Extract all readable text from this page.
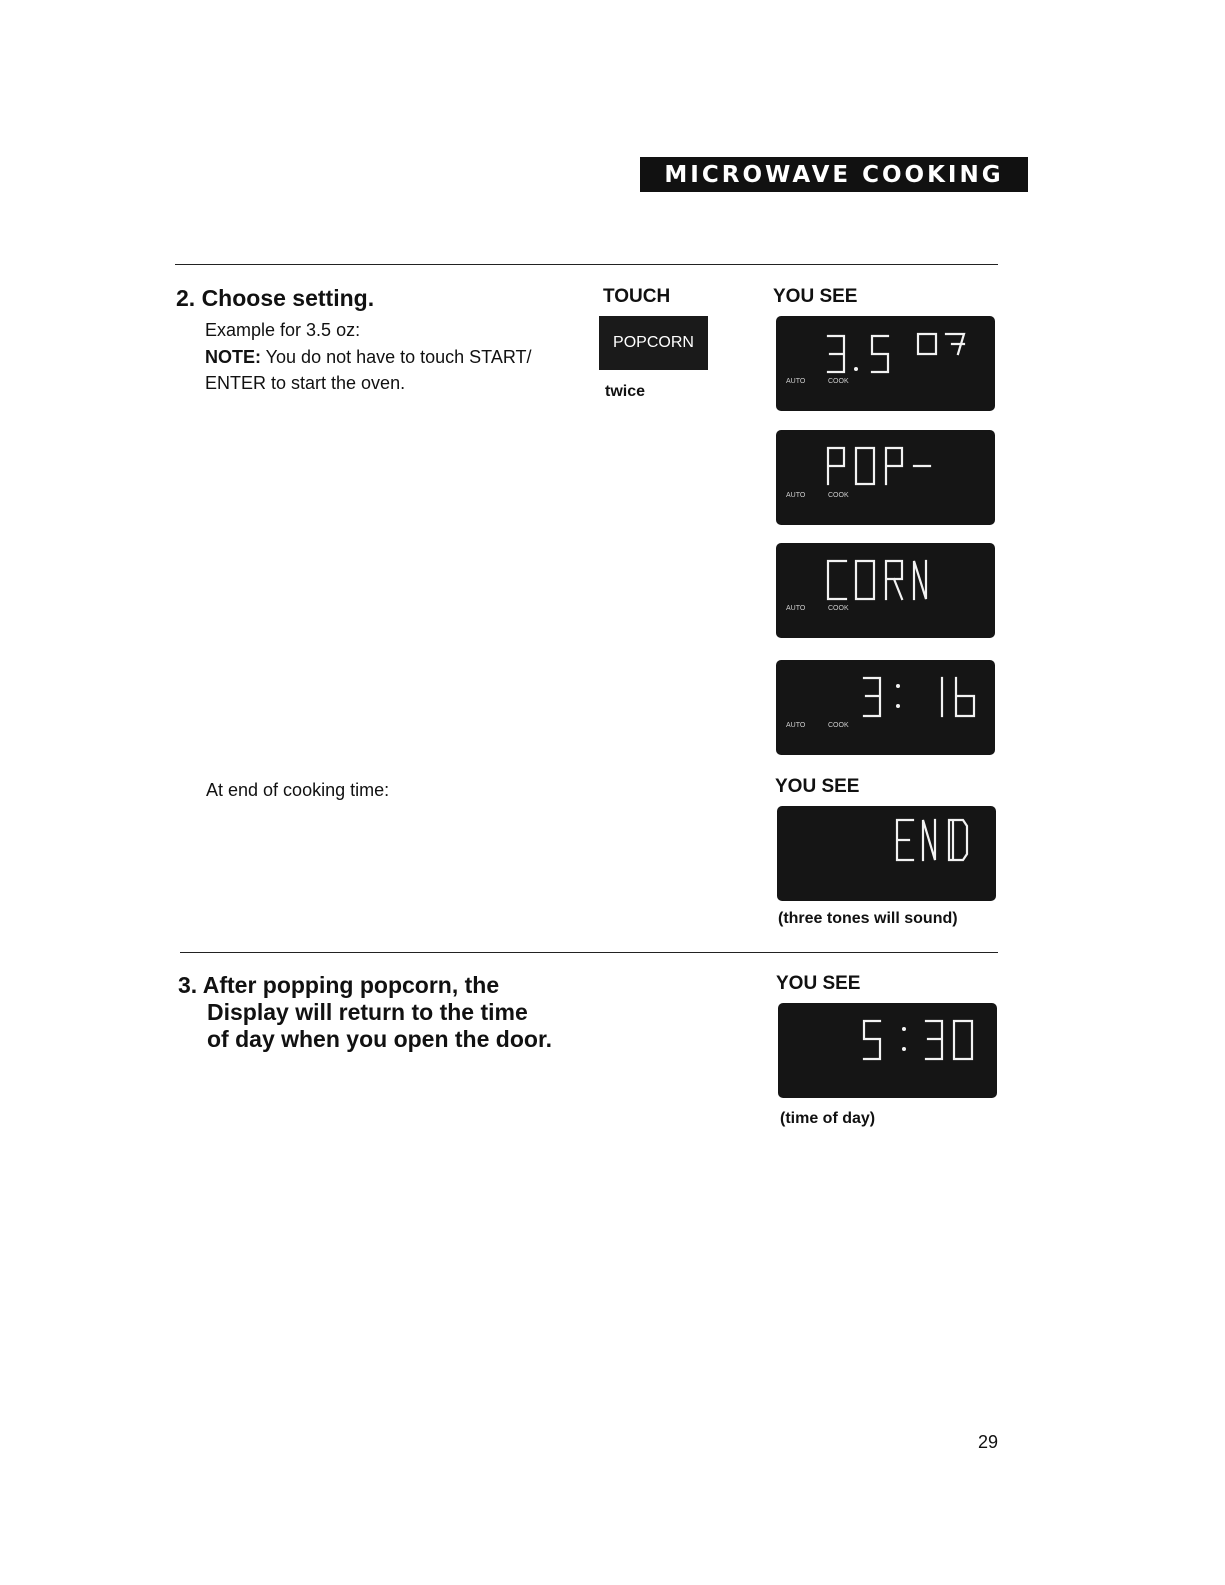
MICROWAVE COOKING
2. Choose setting.
Example for 3.5 oz:
NOTE: You do not have to touch START/ ENTER to start the oven.
At end of cooking time:
TOUCH
POPCORN
twice
YOU SEE
AUTO	COOK
AUTO	COOK
AUTO	COOK
AUTO	COOK
YOU SEE
(three tones will sound)
3. After popping popcorn, the
Display will return to the time
of day when you open the door.
YOU SEE
(time of day)
29
